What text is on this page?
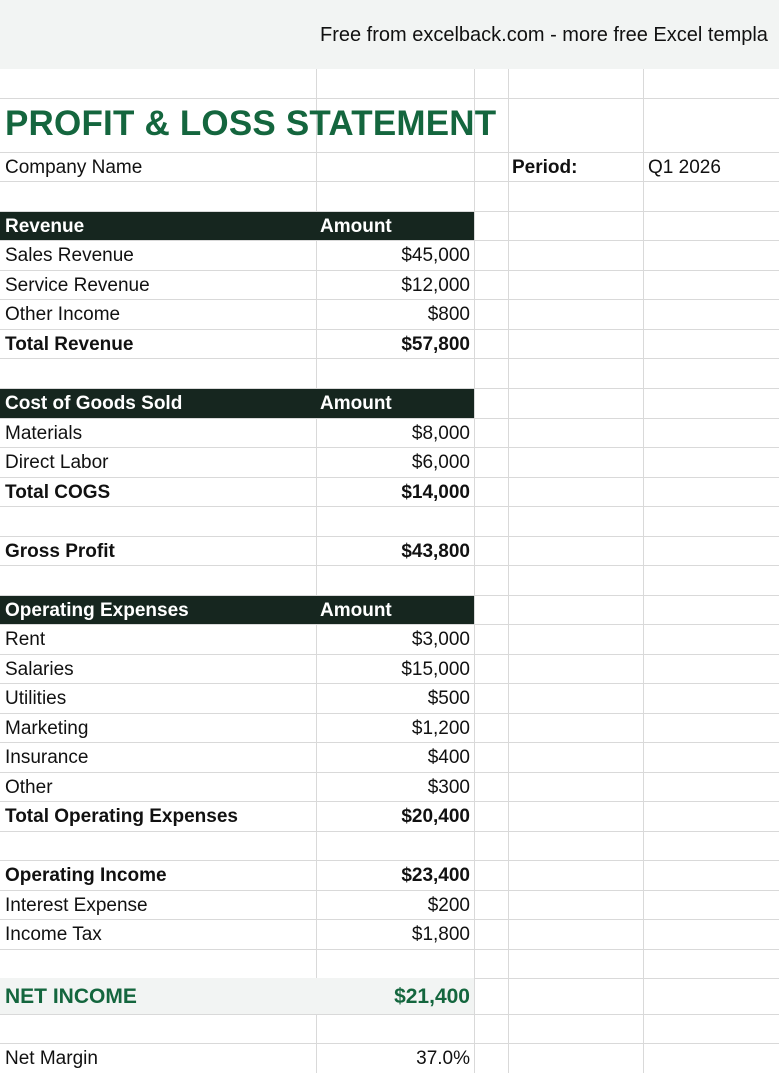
Free from excelback.com - more free Excel templa
PROFIT & LOSS STATEMENT
Company Name	Period:	Q1 2026
Revenue	Amount
Sales Revenue	$45,000
Service Revenue	$12,000
Other Income	$800
Total Revenue	$57,800
Cost of Goods Sold	Amount
Materials	$8,000
Direct Labor	$6,000
Total COGS	$14,000
Gross Profit	$43,800
Operating Expenses	Amount
Rent	$3,000
Salaries	$15,000
Utilities	$500
Marketing	$1,200
Insurance	$400
Other	$300
Total Operating Expenses	$20,400
Operating Income	$23,400
Interest Expense	$200
Income Tax	$1,800
NET INCOME	$21,400
Net Margin	37.0%
